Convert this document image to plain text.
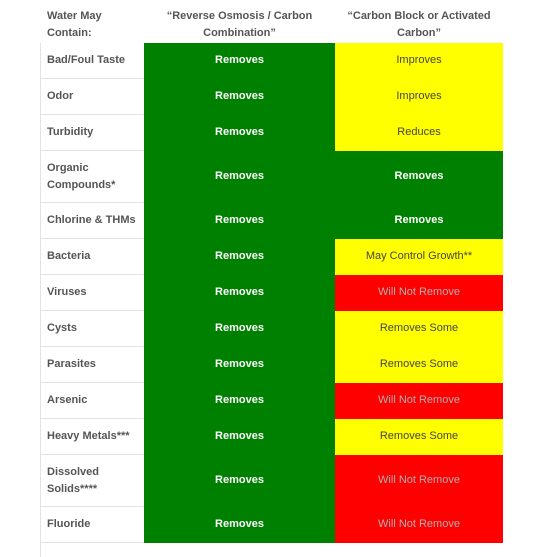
Water May Contain:	“Reverse Osmosis / Carbon Combination”	“Carbon Block or Activated Carbon”
Bad/Foul Taste	Removes	Improves
Odor	Removes	Improves
Turbidity	Removes	Reduces
Organic Compounds*	Removes	Removes
Chlorine & THMs	Removes	Removes
Bacteria	Removes	May Control Growth**
Viruses	Removes	Will Not Remove
Cysts	Removes	Removes Some
Parasites	Removes	Removes Some
Arsenic	Removes	Will Not Remove
Heavy Metals***	Removes	Removes Some
Dissolved Solids****	Removes	Will Not Remove
Fluoride	Removes	Will Not Remove
